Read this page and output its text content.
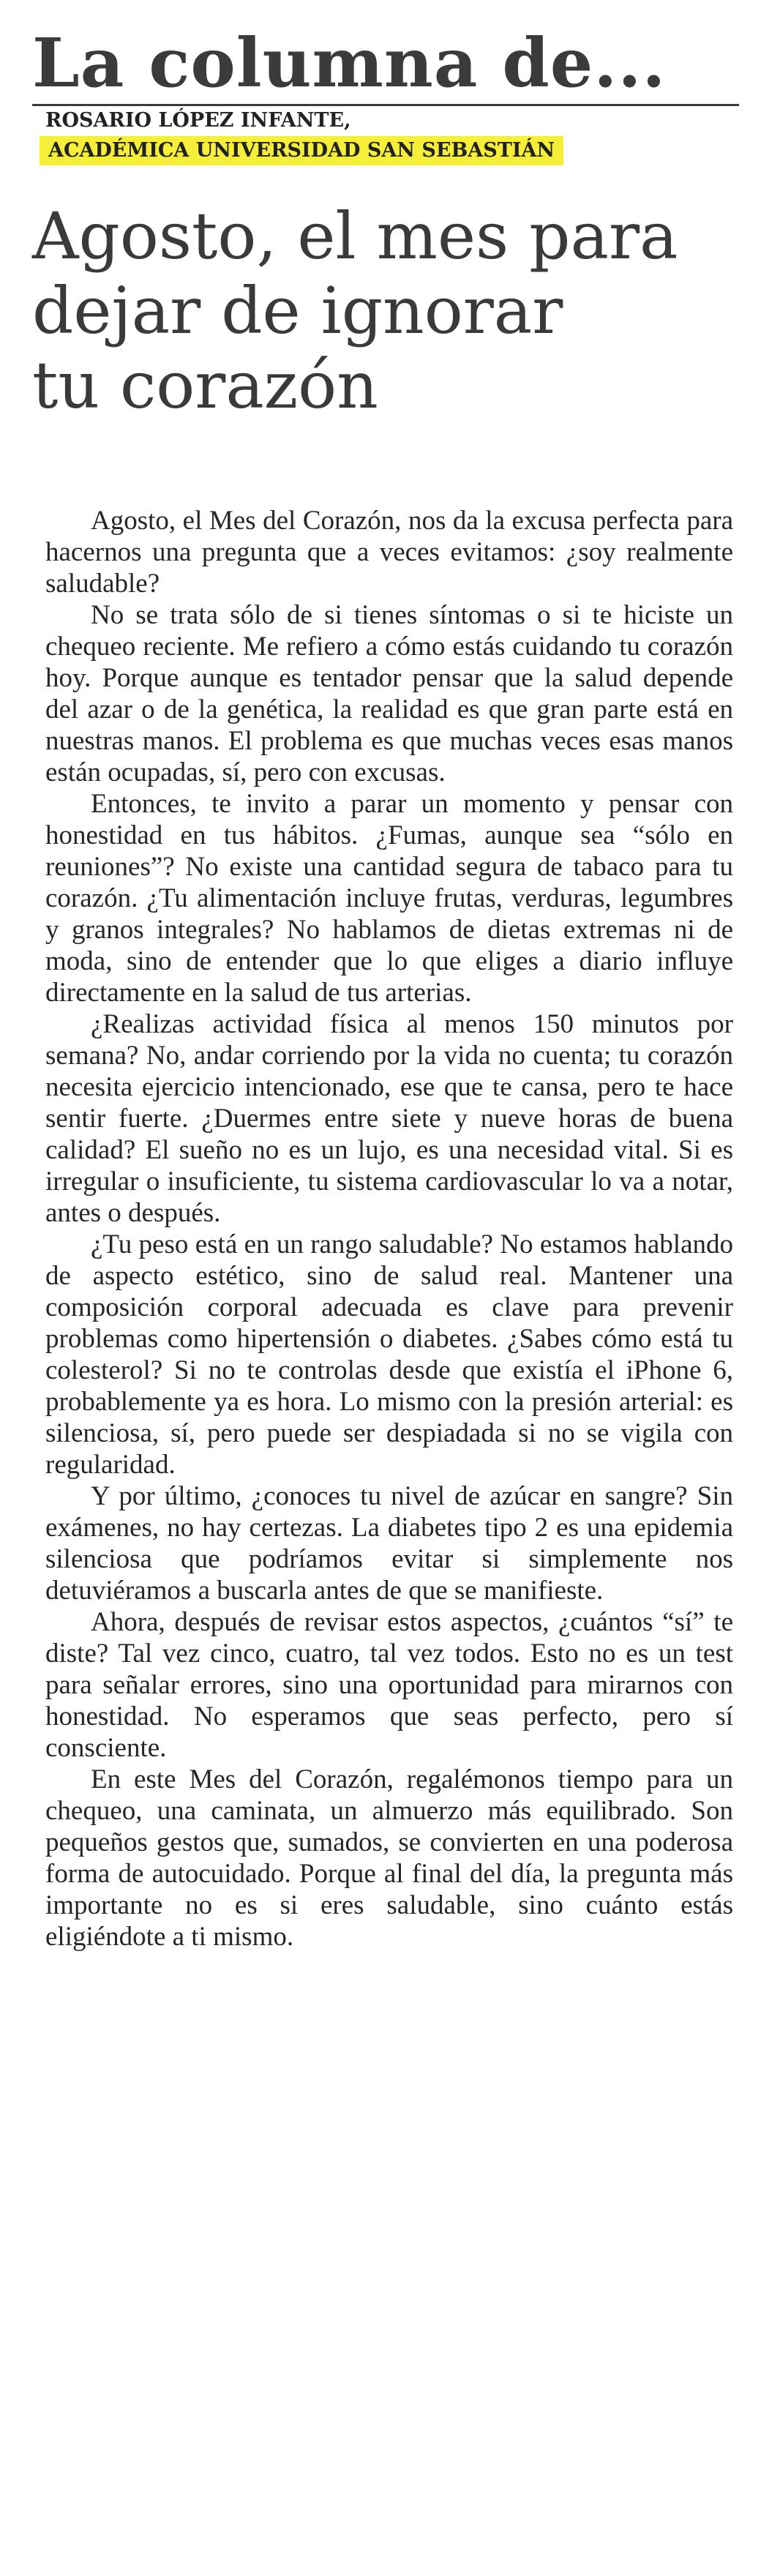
La columna de...
ROSARIO LÓPEZ INFANTE,
ACADÉMICA UNIVERSIDAD SAN SEBASTIÁN
Agosto, el mes para
dejar de ignorar
tu corazón

Agosto, el Mes del Corazón, nos da la excusa perfecta para hacernos una pregunta que a veces evitamos: ¿soy realmente saludable?

No se trata sólo de si tienes síntomas o si te hiciste un chequeo reciente. Me refiero a cómo estás cuidando tu corazón hoy. Porque aunque es tentador pensar que la salud depende del azar o de la genética, la realidad es que gran parte está en nuestras manos. El problema es que muchas veces esas manos están ocupadas, sí, pero con excusas.

Entonces, te invito a parar un momento y pensar con honestidad en tus hábitos. ¿Fumas, aunque sea “sólo en reuniones”? No existe una cantidad segura de tabaco para tu corazón. ¿Tu alimentación incluye frutas, verduras, legumbres y granos integrales? No hablamos de dietas extremas ni de moda, sino de entender que lo que eliges a diario influye directamente en la salud de tus arterias.

¿Realizas actividad física al menos 150 minutos por semana? No, andar corriendo por la vida no cuenta; tu corazón necesita ejercicio intencionado, ese que te cansa, pero te hace sentir fuerte. ¿Duermes entre siete y nueve horas de buena calidad? El sueño no es un lujo, es una necesidad vital. Si es irregular o insuficiente, tu sistema cardiovascular lo va a notar, antes o después.

¿Tu peso está en un rango saludable? No estamos hablando de aspecto estético, sino de salud real. Mantener una composición corporal adecuada es clave para prevenir problemas como hipertensión o diabetes. ¿Sabes cómo está tu colesterol? Si no te controlas desde que existía el iPhone 6, probablemente ya es hora. Lo mismo con la presión arterial: es silenciosa, sí, pero puede ser despiadada si no se vigila con regularidad.

Y por último, ¿conoces tu nivel de azúcar en sangre? Sin exámenes, no hay certezas. La diabetes tipo 2 es una epidemia silenciosa que podríamos evitar si simplemente nos detuviéramos a buscarla antes de que se manifieste.

Ahora, después de revisar estos aspectos, ¿cuántos “sí” te diste? Tal vez cinco, cuatro, tal vez todos. Esto no es un test para señalar errores, sino una oportunidad para mirarnos con honestidad. No esperamos que seas perfecto, pero sí consciente.

En este Mes del Corazón, regalémonos tiempo para un chequeo, una caminata, un almuerzo más equilibrado. Son pequeños gestos que, sumados, se convierten en una poderosa forma de autocuidado. Porque al final del día, la pregunta más importante no es si eres saludable, sino cuánto estás eligiéndote a ti mismo.
